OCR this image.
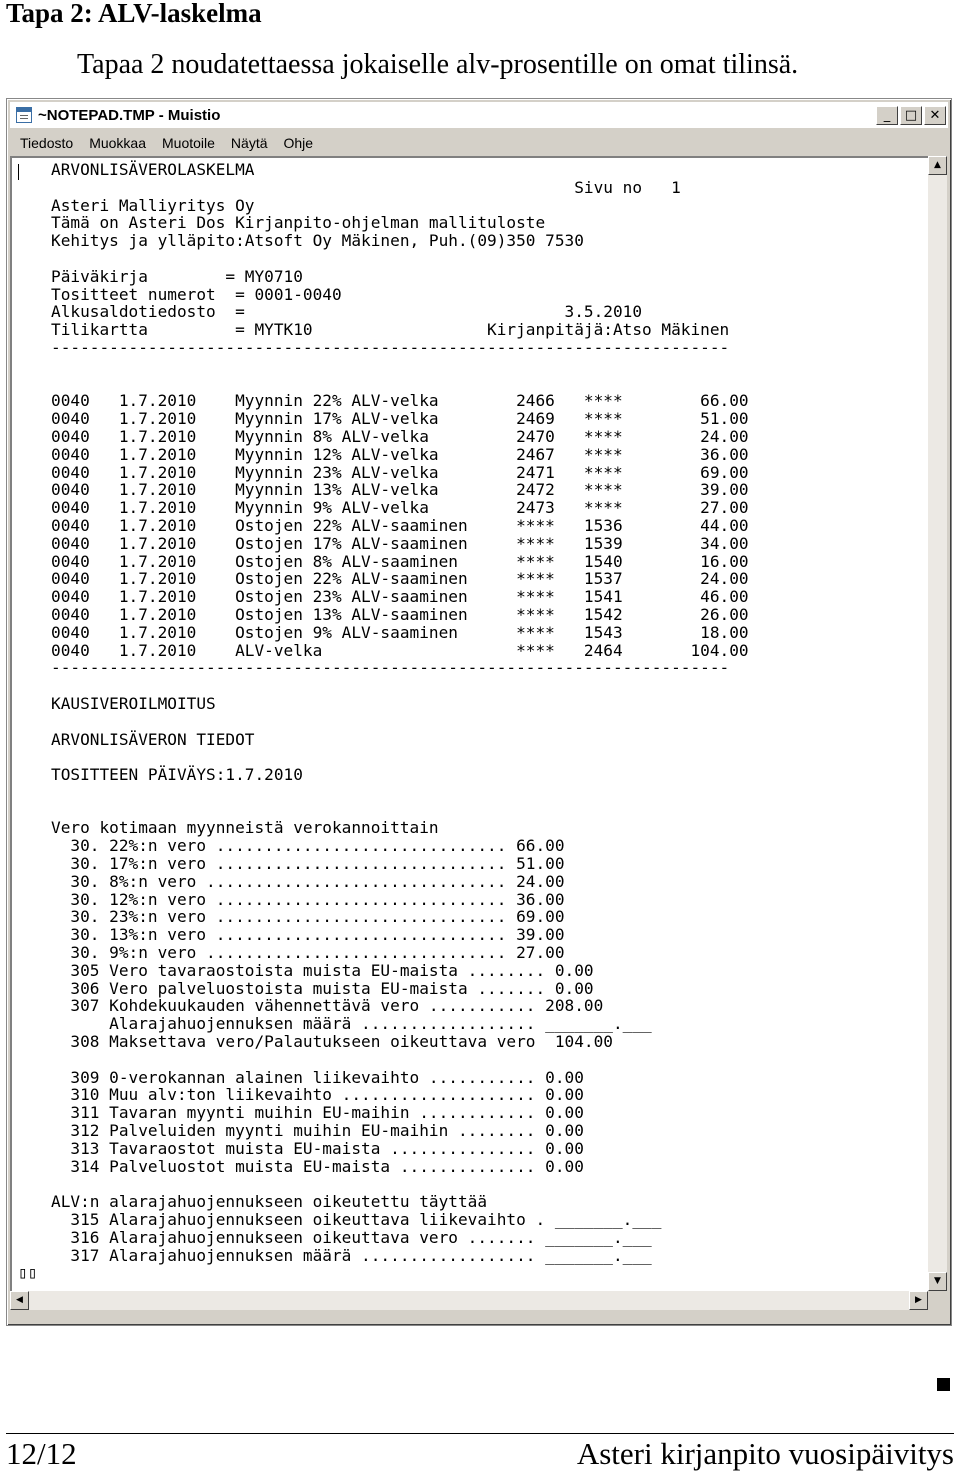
Tapa 2: ALV-laskelma
Tapaa 2 noudatettaessa jokaiselle alv-prosentille on omat tilinsä.
~NOTEPAD.TMP - Muistio	_	□ ✕
Tiedosto	Muokkaa	Muotoile	Näytä	Ohje
ARVONLISÄVEROLASKELMA
Sivu no   1
Asteri Malliyritys Oy
Tämä on Asteri Dos Kirjanpito-ohjelman mallituloste
Kehitys ja ylläpito:Atsoft Oy Mäkinen, Puh.(09)350 7530

Päiväkirja        = MY0710
Tositteet numerot  = 0001-0040
Alkusaldotiedosto  =                                 3.5.2010
Tilikartta         = MYTK10                  Kirjanpitäjä:Atso Mäkinen
----------------------------------------------------------------------

0040   1.7.2010    Myynnin 22% ALV-velka        2466   ****        66.00
0040   1.7.2010    Myynnin 17% ALV-velka        2469   ****        51.00
0040   1.7.2010    Myynnin 8% ALV-velka         2470   ****        24.00
0040   1.7.2010    Myynnin 12% ALV-velka        2467   ****        36.00
0040   1.7.2010    Myynnin 23% ALV-velka        2471   ****        69.00
0040   1.7.2010    Myynnin 13% ALV-velka        2472   ****        39.00
0040   1.7.2010    Myynnin 9% ALV-velka         2473   ****        27.00
0040   1.7.2010    Ostojen 22% ALV-saaminen     ****   1536        44.00
0040   1.7.2010    Ostojen 17% ALV-saaminen     ****   1539        34.00
0040   1.7.2010    Ostojen 8% ALV-saaminen      ****   1540        16.00
0040   1.7.2010    Ostojen 22% ALV-saaminen     ****   1537        24.00
0040   1.7.2010    Ostojen 23% ALV-saaminen     ****   1541        46.00
0040   1.7.2010    Ostojen 13% ALV-saaminen     ****   1542        26.00
0040   1.7.2010    Ostojen 9% ALV-saaminen      ****   1543        18.00
0040   1.7.2010    ALV-velka                    ****   2464       104.00
----------------------------------------------------------------------

KAUSIVEROILMOITUS

ARVONLISÄVERON TIEDOT

TOSITTEEN PÄIVÄYS:1.7.2010

Vero kotimaan myynneistä verokannoittain
30. 22%:n vero .............................. 66.00
30. 17%:n vero .............................. 51.00
30. 8%:n vero ............................... 24.00
30. 12%:n vero .............................. 36.00
30. 23%:n vero .............................. 69.00
30. 13%:n vero .............................. 39.00
30. 9%:n vero ............................... 27.00
305 Vero tavaraostoista muista EU-maista ........ 0.00
306 Vero palveluostoista muista EU-maista ....... 0.00
307 Kohdekuukauden vähennettävä vero ........... 208.00
Alarajahuojennuksen määrä .................. _______.___
308 Maksettava vero/Palautukseen oikeuttava vero  104.00

309 0-verokannan alainen liikevaihto ........... 0.00
310 Muu alv:ton liikevaihto .................... 0.00
311 Tavaran myynti muihin EU-maihin ............ 0.00
312 Palveluiden myynti muihin EU-maihin ........ 0.00
313 Tavaraostot muista EU-maista ............... 0.00
314 Palveluostot muista EU-maista .............. 0.00

ALV:n alarajahuojennukseen oikeutettu täyttää
315 Alarajahuojennukseen oikeuttava liikevaihto . _______.___
316 Alarajahuojennukseen oikeuttava vero ....... _______.___
317 Alarajahuojennuksen määrä .................. _______.___
▯▯
▲
▼
◀	▶
12/12	Asteri kirjanpito vuosipäivitys
